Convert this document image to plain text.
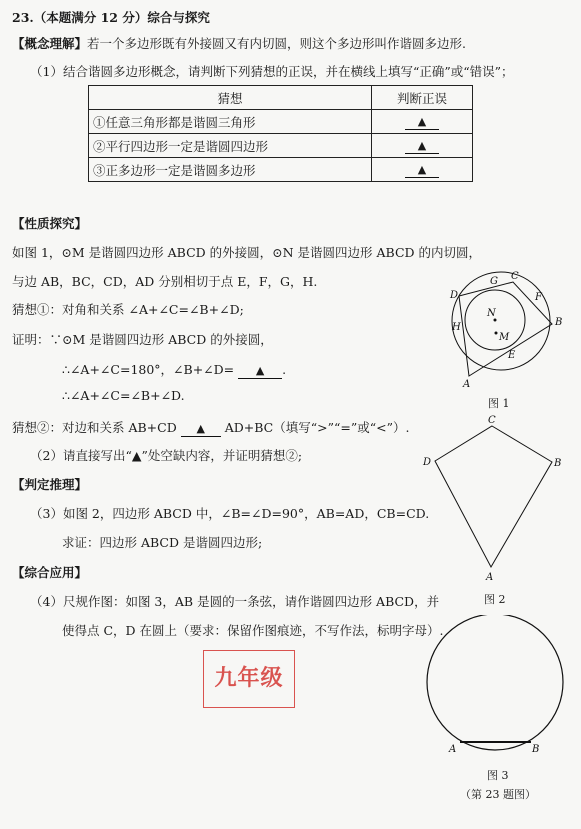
23.（本题满分 12 分）综合与探究
【概念理解】若一个多边形既有外接圆又有内切圆，则这个多边形叫作谐圆多边形.
（1）结合谐圆多边形概念，请判断下列猜想的正误，并在横线上填写“正确”或“错误”；
猜想	判断正误
①任意三角形都是谐圆三角形	▲
②平行四边形一定是谐圆四边形	▲
③正多边形一定是谐圆多边形	▲
【性质探究】
如图 1，⊙M 是谐圆四边形 ABCD 的外接圆，⊙N 是谐圆四边形 ABCD 的内切圆，
与边 AB，BC，CD，AD 分别相切于点 E，F，G，H.
猜想①：对角和关系 ∠A+∠C=∠B+∠D;
证明：∵⊙M 是谐圆四边形 ABCD 的外接圆，
∴∠A+∠C=180°，∠B+∠D= ▲ .
∴∠A+∠C=∠B+∠D.
猜想②：对边和关系 AB+CD ▲ AD+BC（填写“>”“=”或“<”）.
（2）请直接写出“▲”处空缺内容，并证明猜想②;
【判定推理】
（3）如图 2，四边形 ABCD 中，∠B=∠D=90°，AB=AD，CB=CD.
求证：四边形 ABCD 是谐圆四边形;
【综合应用】
（4）尺规作图：如图 3，AB 是圆的一条弦，请作谐圆四边形 ABCD，并
使得点 C，D 在圆上（要求：保留作图痕迹，不写作法，标明字母）.
九年级
A
B
C
D
E
F
G
H
M
N
图 1
A
B
C
D
图 2
A	B
图 3
（第 23 题图）
